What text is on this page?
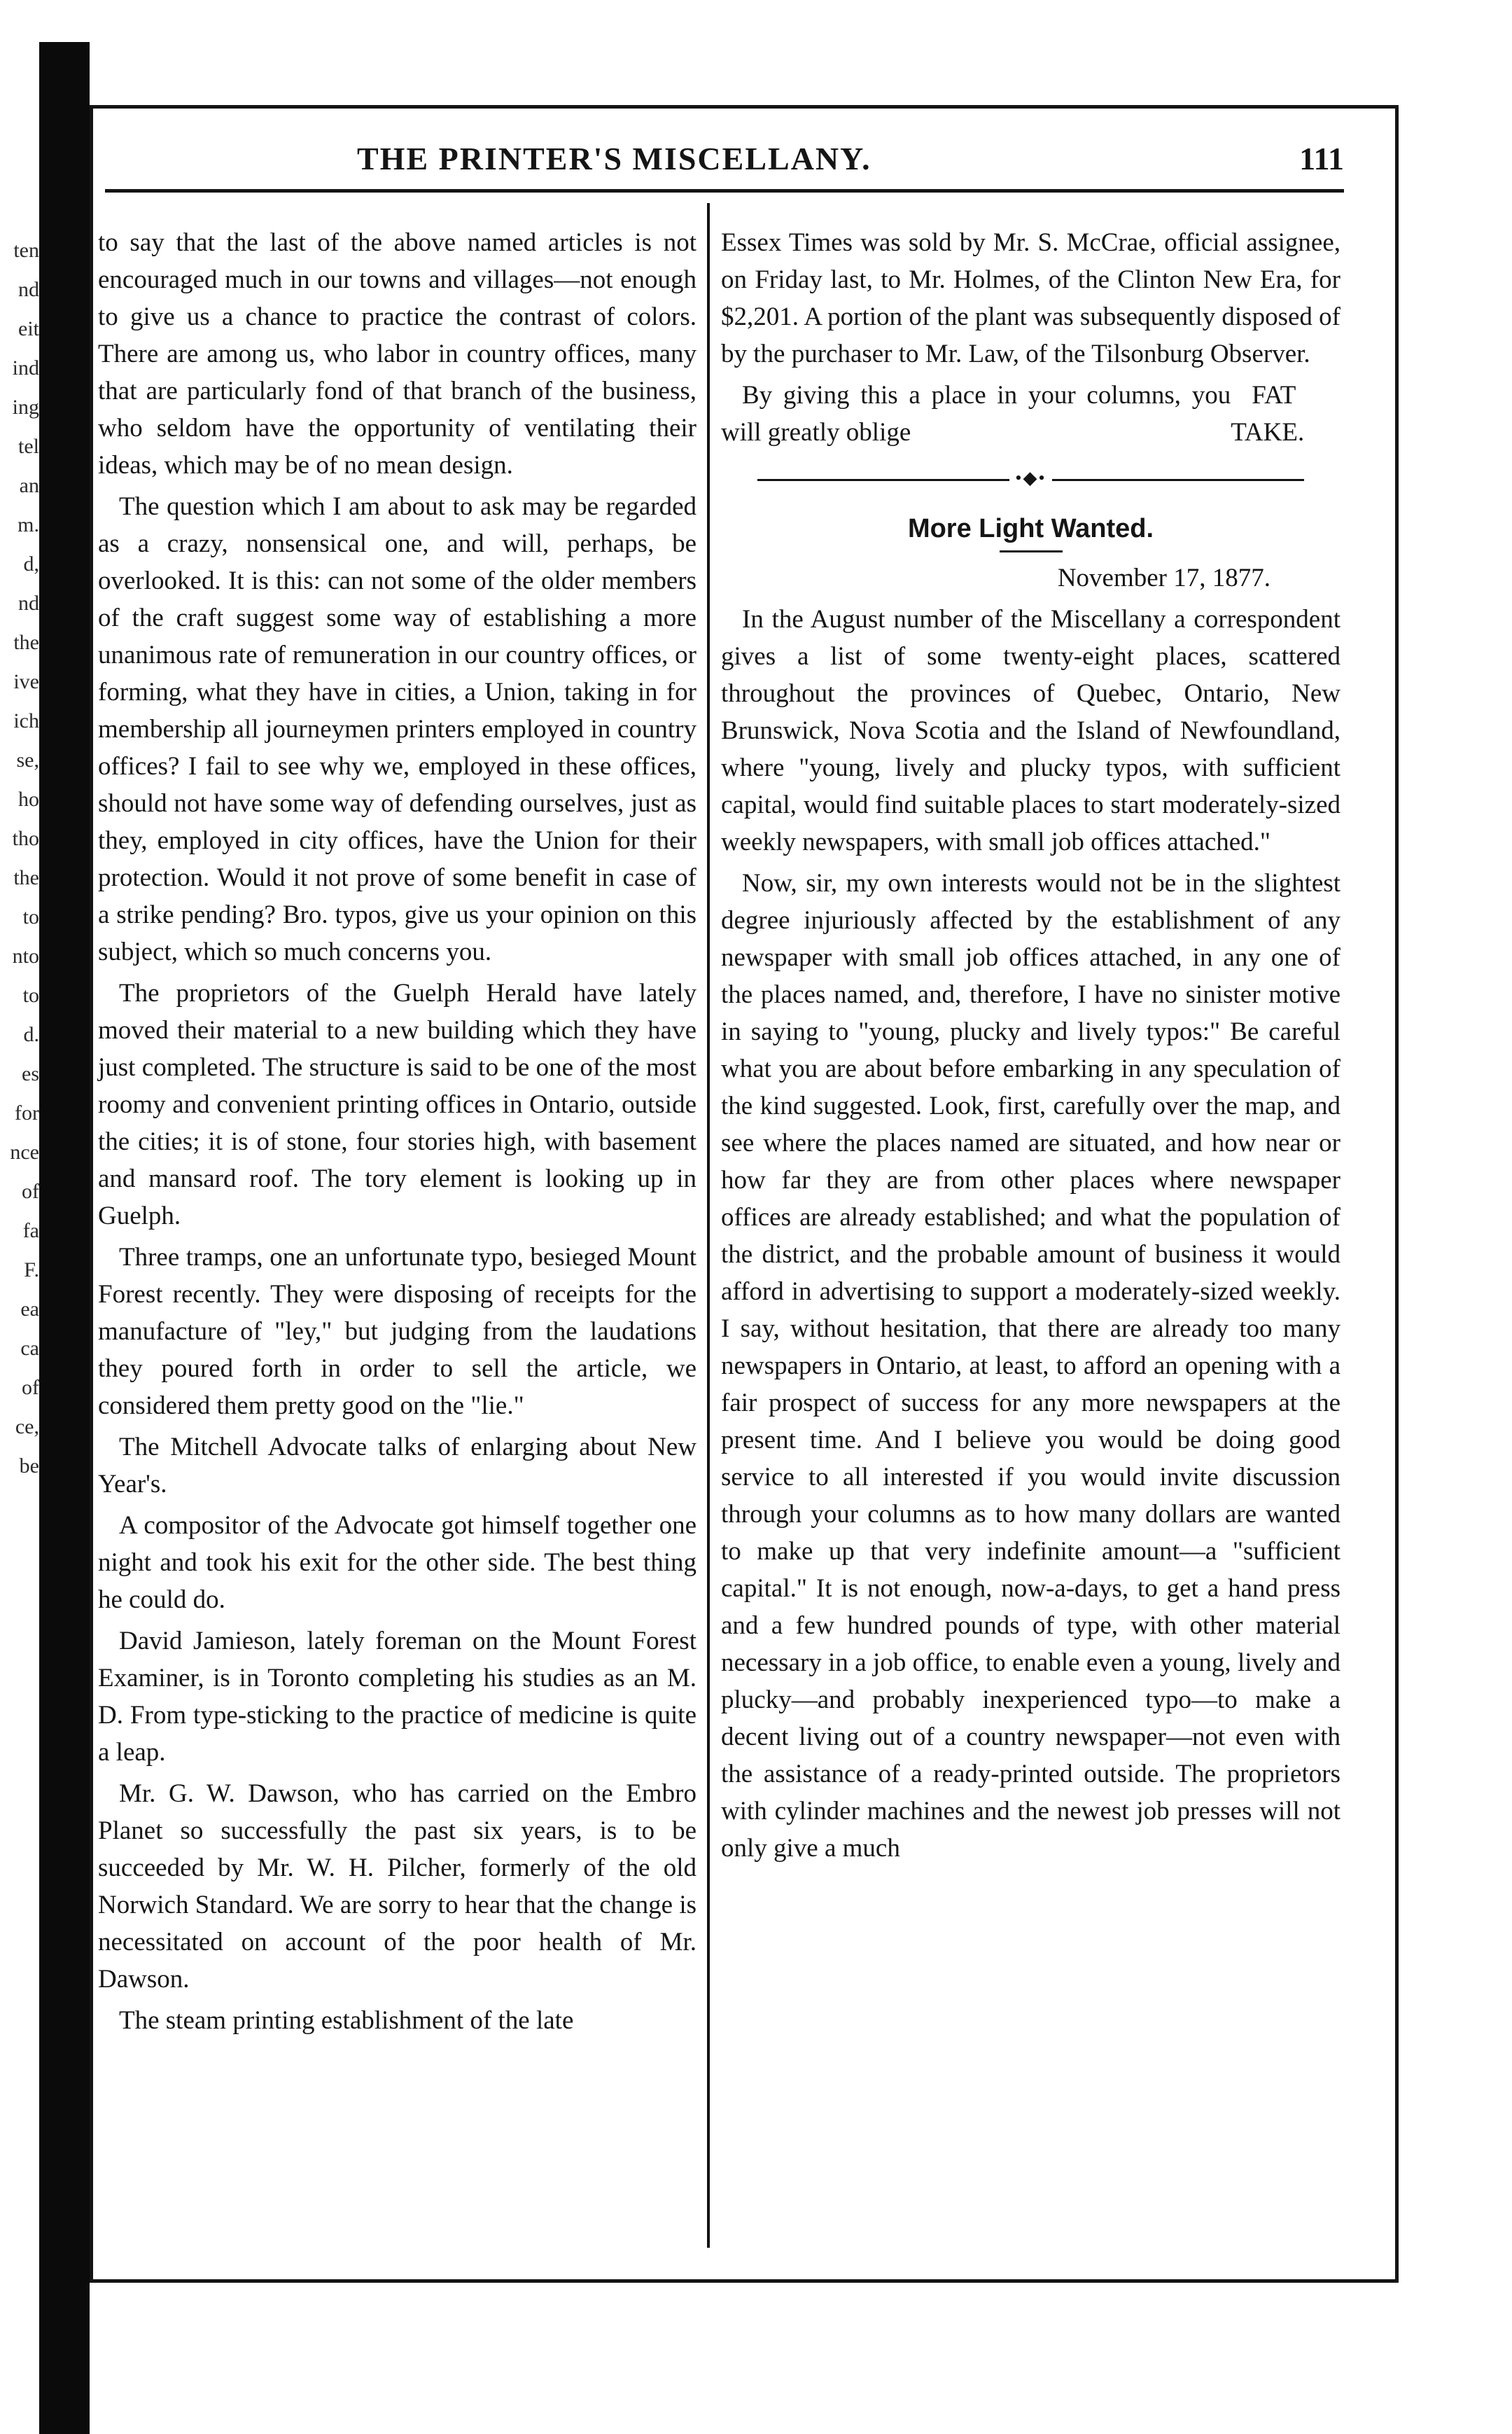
ten
nd
eit
ind
ing
tel
an
m.
d,
nd
the
ive
ich
se,
ho
tho
the
to
nto
to
d.
es
for
nce
of
fa
F.
ea
ca
of
ce,
be
THE PRINTER'S MISCELLANY.	111

to say that the last of the above named articles is not encouraged much in our towns and villages—not enough to give us a chance to practice the contrast of colors. There are among us, who labor in country offices, many that are particularly fond of that branch of the business, who seldom have the opportunity of ventilating their ideas, which may be of no mean design.

The question which I am about to ask may be regarded as a crazy, nonsensical one, and will, perhaps, be overlooked. It is this: can not some of the older members of the craft suggest some way of establishing a more unanimous rate of remuneration in our country offices, or forming, what they have in cities, a Union, taking in for membership all journeymen printers employed in country offices? I fail to see why we, employed in these offices, should not have some way of defending ourselves, just as they, employed in city offices, have the Union for their protection. Would it not prove of some benefit in case of a strike pending? Bro. typos, give us your opinion on this subject, which so much concerns you.

The proprietors of the Guelph Herald have lately moved their material to a new building which they have just completed. The structure is said to be one of the most roomy and convenient printing offices in Ontario, outside the cities; it is of stone, four stories high, with basement and mansard roof. The tory element is looking up in Guelph.

Three tramps, one an unfortunate typo, besieged Mount Forest recently. They were disposing of receipts for the manufacture of "ley," but judging from the laudations they poured forth in order to sell the article, we considered them pretty good on the "lie."

The Mitchell Advocate talks of enlarging about New Year's.

A compositor of the Advocate got himself together one night and took his exit for the other side. The best thing he could do.

David Jamieson, lately foreman on the Mount Forest Examiner, is in Toronto completing his studies as an M. D. From type-sticking to the practice of medicine is quite a leap.

Mr. G. W. Dawson, who has carried on the Embro Planet so successfully the past six years, is to be succeeded by Mr. W. H. Pilcher, formerly of the old Norwich Standard. We are sorry to hear that the change is necessitated on account of the poor health of Mr. Dawson.

The steam printing establishment of the late

Essex Times was sold by Mr. S. McCrae, official assignee, on Friday last, to Mr. Holmes, of the Clinton New Era, for $2,201. A portion of the plant was subsequently disposed of by the purchaser to Mr. Law, of the Tilsonburg Observer.

By giving this a place in your columns, you will greatly oblige
FAT TAKE.

•◆•
More Light Wanted.

November 17, 1877.

In the August number of the Miscellany a correspondent gives a list of some twenty-eight places, scattered throughout the provinces of Quebec, Ontario, New Brunswick, Nova Scotia and the Island of Newfoundland, where "young, lively and plucky typos, with sufficient capital, would find suitable places to start moderately-sized weekly newspapers, with small job offices attached."

Now, sir, my own interests would not be in the slightest degree injuriously affected by the establishment of any newspaper with small job offices attached, in any one of the places named, and, therefore, I have no sinister motive in saying to "young, plucky and lively typos:" Be careful what you are about before embarking in any speculation of the kind suggested. Look, first, carefully over the map, and see where the places named are situated, and how near or how far they are from other places where newspaper offices are already established; and what the population of the district, and the probable amount of business it would afford in advertising to support a moderately-sized weekly. I say, without hesitation, that there are already too many newspapers in Ontario, at least, to afford an opening with a fair prospect of success for any more newspapers at the present time. And I believe you would be doing good service to all interested if you would invite discussion through your columns as to how many dollars are wanted to make up that very indefinite amount—a "sufficient capital." It is not enough, now-a-days, to get a hand press and a few hundred pounds of type, with other material necessary in a job office, to enable even a young, lively and plucky—and probably inexperienced typo—to make a decent living out of a country newspaper—not even with the assistance of a ready-printed outside. The proprietors with cylinder machines and the newest job presses will not only give a much
